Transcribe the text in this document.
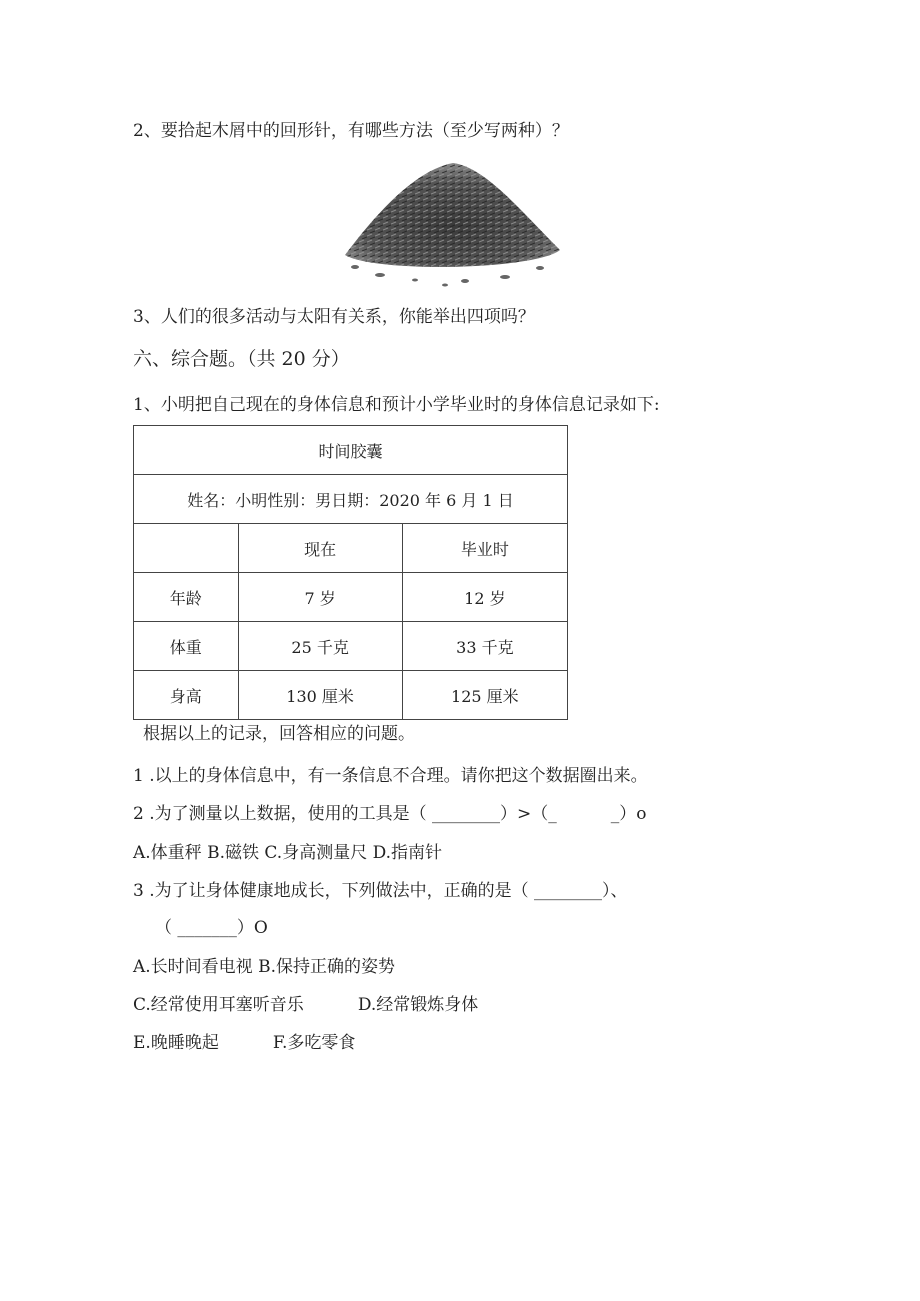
2、要拾起木屑中的回形针，有哪些方法（至少写两种）？
3、人们的很多活动与太阳有关系，你能举出四项吗？
六、综合题。（共 20 分）
1、小明把自己现在的身体信息和预计小学毕业时的身体信息记录如下:
时间胶囊		
姓名：小明性别：男日期：2020 年 6 月 1 日		
	现在	毕业时
年龄	7 岁	12 岁
体重	25 千克	33 千克
身高	130 厘米	125 厘米
根据以上的记录，回答相应的问题。
1 .以上的身体信息中，有一条信息不合理。请你把这个数据圈出来。
2 .为了测量以上数据，使用的工具是（ ________）>（_          _）o
A.体重秤 B.磁铁 C.身高测量尺 D.指南针
3 .为了让身体健康地成长，下列做法中，正确的是（ ________）、
（ _______）O
A.长时间看电视 B.保持正确的姿势
C.经常使用耳塞听音乐          D.经常锻炼身体
E.晚睡晚起          F.多吃零食
